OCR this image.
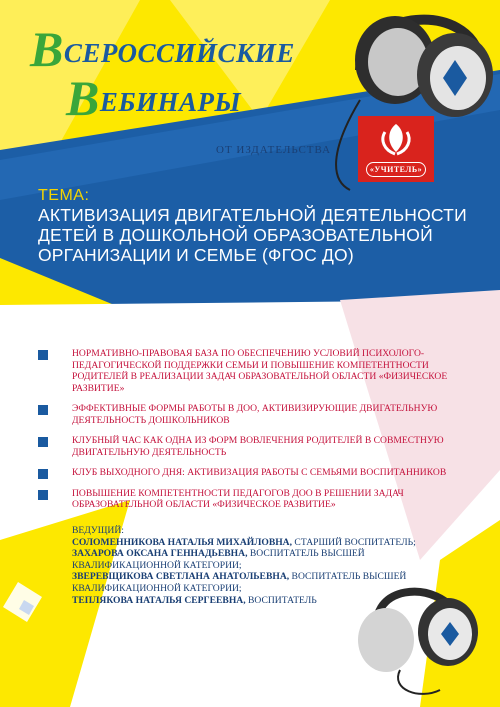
ВСЕРОССИЙСКИЕ
ВЕБИНАРЫ
ОТ ИЗДАТЕЛЬСТВА
«УЧИТЕЛЬ»
ТЕМА:
АКТИВИЗАЦИЯ ДВИГАТЕЛЬНОЙ ДЕЯТЕЛЬНОСТИ ДЕТЕЙ В ДОШКОЛЬНОЙ ОБРАЗОВАТЕЛЬНОЙ ОРГАНИЗАЦИИ И СЕМЬЕ (ФГОС ДО)
НОРМАТИВНО-ПРАВОВАЯ БАЗА ПО ОБЕСПЕЧЕНИЮ УСЛОВИЙ ПСИХОЛОГО-ПЕДАГОГИЧЕСКОЙ ПОДДЕРЖКИ СЕМЬИ И ПОВЫШЕНИЕ КОМПЕТЕНТНОСТИ РОДИТЕЛЕЙ В РЕАЛИЗАЦИИ ЗАДАЧ ОБРАЗОВАТЕЛЬНОЙ ОБЛАСТИ «ФИЗИЧЕСКОЕ РАЗВИТИЕ»
ЭФФЕКТИВНЫЕ ФОРМЫ РАБОТЫ В ДОО, АКТИВИЗИРУЮЩИЕ ДВИГАТЕЛЬНУЮ ДЕЯТЕЛЬНОСТЬ ДОШКОЛЬНИКОВ
КЛУБНЫЙ ЧАС КАК ОДНА ИЗ ФОРМ ВОВЛЕЧЕНИЯ РОДИТЕЛЕЙ В СОВМЕСТНУЮ ДВИГАТЕЛЬНУЮ ДЕЯТЕЛЬНОСТЬ
КЛУБ ВЫХОДНОГО ДНЯ: АКТИВИЗАЦИЯ РАБОТЫ С СЕМЬЯМИ ВОСПИТАННИКОВ
ПОВЫШЕНИЕ КОМПЕТЕНТНОСТИ ПЕДАГОГОВ ДОО В РЕШЕНИИ ЗАДАЧ ОБРАЗОВАТЕЛЬНОЙ ОБЛАСТИ «ФИЗИЧЕСКОЕ РАЗВИТИЕ»
ВЕДУЩИЙ:
СОЛОМЕННИКОВА НАТАЛЬЯ МИХАЙЛОВНА, СТАРШИЙ ВОСПИТАТЕЛЬ;
ЗАХАРОВА ОКСАНА ГЕННАДЬЕВНА, ВОСПИТАТЕЛЬ ВЫСШЕЙ КВАЛИФИКАЦИОННОЙ КАТЕГОРИИ;
ЗВЕРЕВЩИКОВА СВЕТЛАНА АНАТОЛЬЕВНА, ВОСПИТАТЕЛЬ ВЫСШЕЙ КВАЛИФИКАЦИОННОЙ КАТЕГОРИИ;
ТЕПЛЯКОВА НАТАЛЬЯ СЕРГЕЕВНА, ВОСПИТАТЕЛЬ
